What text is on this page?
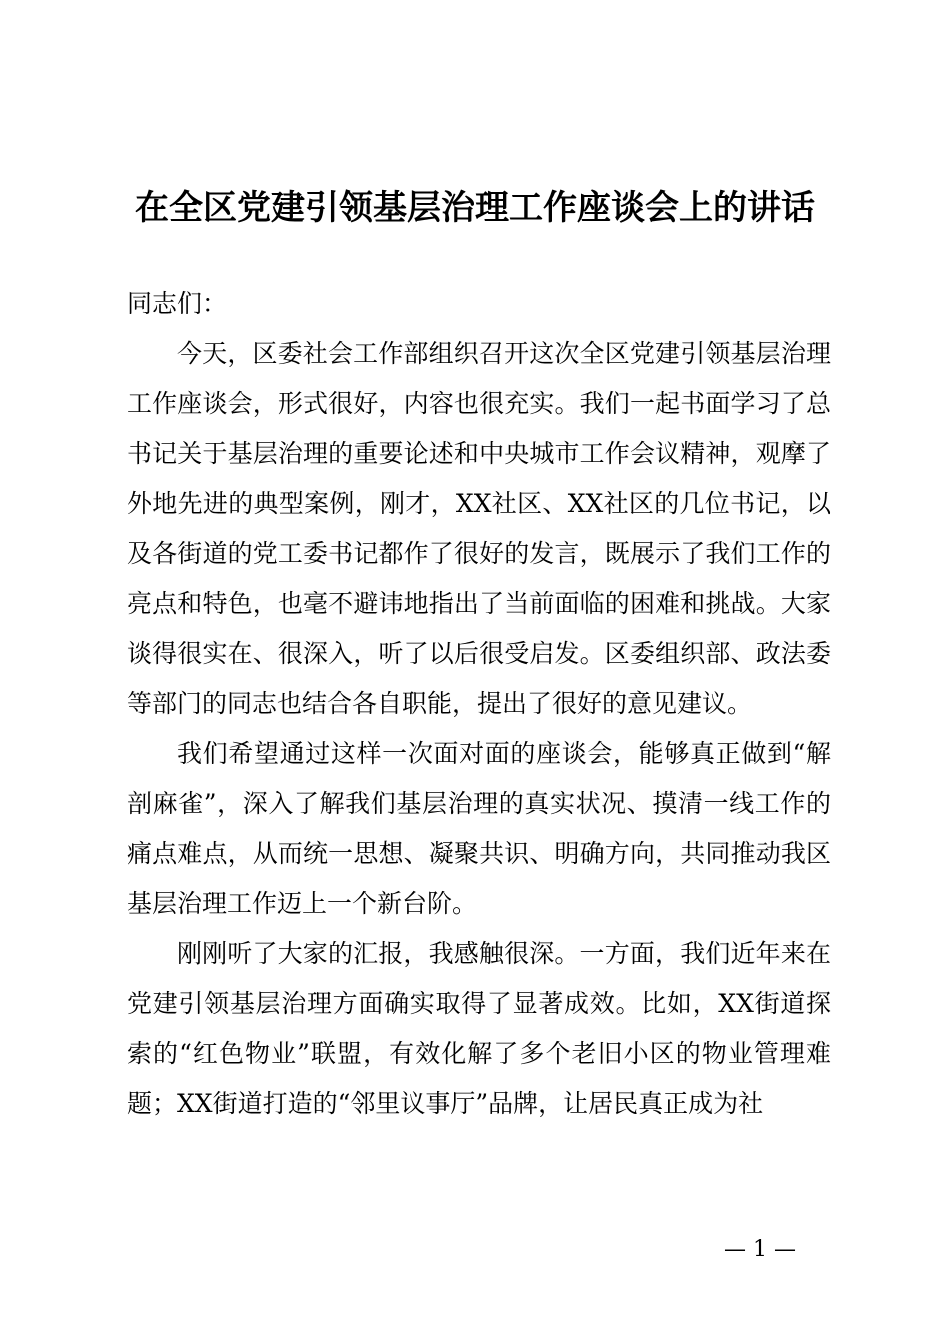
在全区党建引领基层治理工作座谈会上的讲话

同志们：

今天，区委社会工作部组织召开这次全区党建引领基层治理工作座谈会，形式很好，内容也很充实。我们一起书面学习了总书记关于基层治理的重要论述和中央城市工作会议精神，观摩了外地先进的典型案例，刚才，XX社区、XX社区的几位书记，以及各街道的党工委书记都作了很好的发言，既展示了我们工作的亮点和特色，也毫不避讳地指出了当前面临的困难和挑战。大家谈得很实在、很深入，听了以后很受启发。区委组织部、政法委等部门的同志也结合各自职能，提出了很好的意见建议。

我们希望通过这样一次面对面的座谈会，能够真正做到“解剖麻雀”，深入了解我们基层治理的真实状况、摸清一线工作的痛点难点，从而统一思想、凝聚共识、明确方向，共同推动我区基层治理工作迈上一个新台阶。

刚刚听了大家的汇报，我感触很深。一方面，我们近年来在党建引领基层治理方面确实取得了显著成效。比如，XX街道探索的“红色物业”联盟，有效化解了多个老旧小区的物业管理难题；XX街道打造的“邻里议事厅”品牌，让居民真正成为社

— 1 —
